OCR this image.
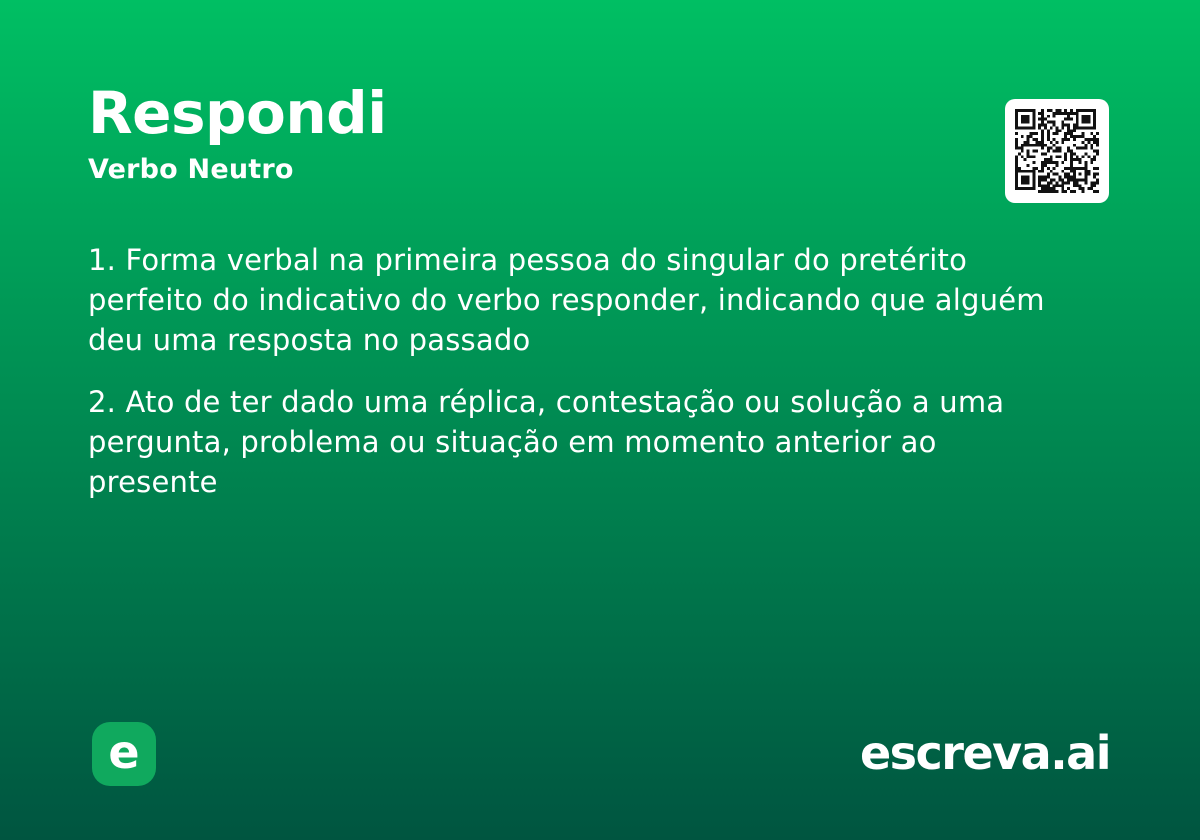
Respondi
Verbo Neutro

1. Forma verbal na primeira pessoa do singular do pretérito
perfeito do indicativo do verbo responder, indicando que alguém
deu uma resposta no passado

2. Ato de ter dado uma réplica, contestação ou solução a uma
pergunta, problema ou situação em momento anterior ao
presente

e	escreva.ai
